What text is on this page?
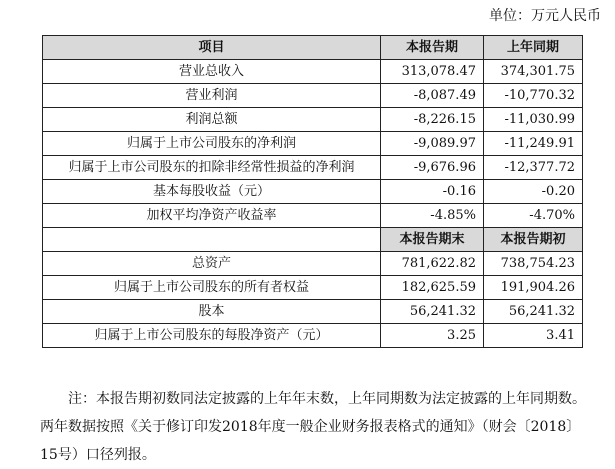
单位：万元人民币
项目	本报告期	上年同期
营业总收入	313,078.47	374,301.75
营业利润	-8,087.49	-10,770.32
利润总额	-8,226.15	-11,030.99
归属于上市公司股东的净利润	-9,089.97	-11,249.91
归属于上市公司股东的扣除非经常性损益的净利润	-9,676.96	-12,377.72
基本每股收益（元）	-0.16	-0.20
加权平均净资产收益率	-4.85%	-4.70%
	本报告期末	本报告期初
总资产	781,622.82	738,754.23
归属于上市公司股东的所有者权益	182,625.59	191,904.26
股本	56,241.32	56,241.32
归属于上市公司股东的每股净资产（元）	3.25	3.41

注：本报告期初数同法定披露的上年年末数，上年同期数为法定披露的上年同期数。两年数据按照《关于修订印发2018年度一般企业财务报表格式的通知》（财会〔2018〕15号）口径列报。
